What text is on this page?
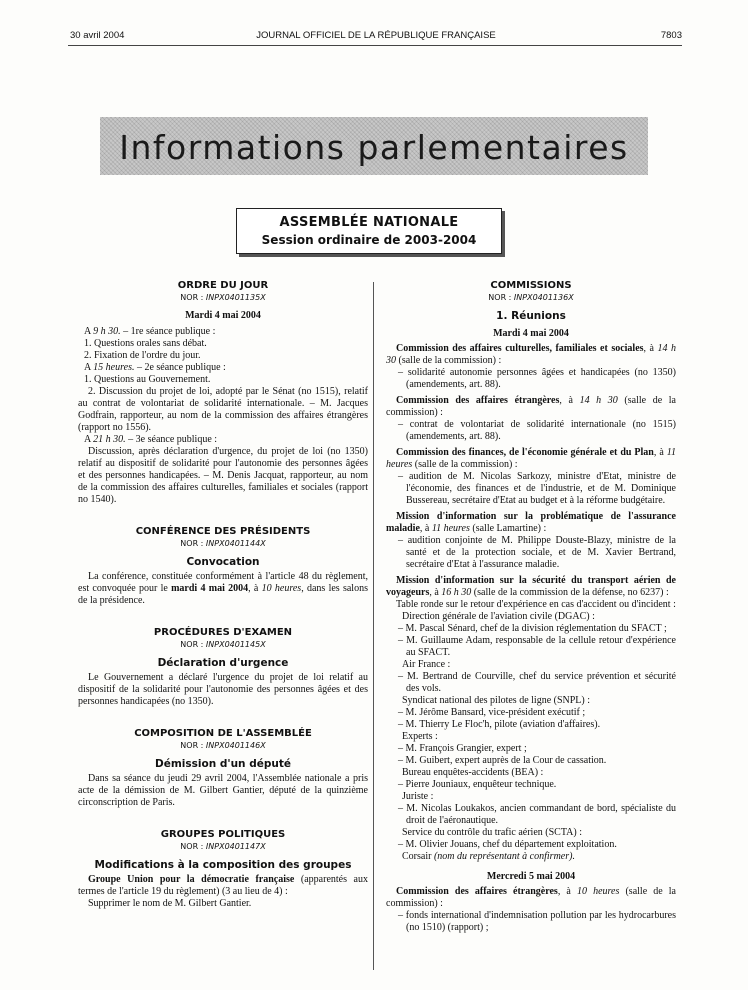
30 avril 2004	JOURNAL OFFICIEL DE LA RÉPUBLIQUE FRANÇAISE	7803
Informations parlementaires
ASSEMBLÉE NATIONALE
Session ordinaire de 2003-2004

ORDRE DU JOUR

NOR : INPX0401135X

Mardi 4 mai 2004

A 9 h 30. – 1re séance publique :

1. Questions orales sans débat.

2. Fixation de l'ordre du jour.

A 15 heures. – 2e séance publique :

1. Questions au Gouvernement.

2. Discussion du projet de loi, adopté par le Sénat (no 1515), relatif au contrat de volontariat de solidarité internationale. – M. Jacques Godfrain, rapporteur, au nom de la commission des affaires étrangères (rapport no 1556).

A 21 h 30. – 3e séance publique :

Discussion, après déclaration d'urgence, du projet de loi (no 1350) relatif au dispositif de solidarité pour l'autonomie des personnes âgées et des personnes handicapées. – M. Denis Jacquat, rapporteur, au nom de la commission des affaires culturelles, familiales et sociales (rapport no 1540).

CONFÉRENCE DES PRÉSIDENTS

NOR : INPX0401144X

Convocation

La conférence, constituée conformément à l'article 48 du règlement, est convoquée pour le mardi 4 mai 2004, à 10 heures, dans les salons de la présidence.

PROCÉDURES D'EXAMEN

NOR : INPX0401145X

Déclaration d'urgence

Le Gouvernement a déclaré l'urgence du projet de loi relatif au dispositif de la solidarité pour l'autonomie des personnes âgées et des personnes handicapées (no 1350).

COMPOSITION DE L'ASSEMBLÉE

NOR : INPX0401146X

Démission d'un député

Dans sa séance du jeudi 29 avril 2004, l'Assemblée nationale a pris acte de la démission de M. Gilbert Gantier, député de la quinzième circonscription de Paris.

GROUPES POLITIQUES

NOR : INPX0401147X

Modifications à la composition des groupes

Groupe Union pour la démocratie française (apparentés aux termes de l'article 19 du règlement) (3 au lieu de 4) :

Supprimer le nom de M. Gilbert Gantier.

COMMISSIONS

NOR : INPX0401136X

1. Réunions

Mardi 4 mai 2004

Commission des affaires culturelles, familiales et sociales, à 14 h 30 (salle de la commission) :

– solidarité autonomie personnes âgées et handicapées (no 1350) (amendements, art. 88).

Commission des affaires étrangères, à 14 h 30 (salle de la commission) :

– contrat de volontariat de solidarité internationale (no 1515) (amendements, art. 88).

Commission des finances, de l'économie générale et du Plan, à 11 heures (salle de la commission) :

– audition de M. Nicolas Sarkozy, ministre d'Etat, ministre de l'économie, des finances et de l'industrie, et de M. Dominique Bussereau, secrétaire d'Etat au budget et à la réforme budgétaire.

Mission d'information sur la problématique de l'assurance maladie, à 11 heures (salle Lamartine) :

– audition conjointe de M. Philippe Douste-Blazy, ministre de la santé et de la protection sociale, et de M. Xavier Bertrand, secrétaire d'Etat à l'assurance maladie.

Mission d'information sur la sécurité du transport aérien de voyageurs, à 16 h 30 (salle de la commission de la défense, no 6237) :

Table ronde sur le retour d'expérience en cas d'accident ou d'incident :

Direction générale de l'aviation civile (DGAC) :

– M. Pascal Sénard, chef de la division réglementation du SFACT ;

– M. Guillaume Adam, responsable de la cellule retour d'expérience au SFACT.

Air France :

– M. Bertrand de Courville, chef du service prévention et sécurité des vols.

Syndicat national des pilotes de ligne (SNPL) :

– M. Jérôme Bansard, vice-président exécutif ;

– M. Thierry Le Floc'h, pilote (aviation d'affaires).

Experts :

– M. François Grangier, expert ;

– M. Guibert, expert auprès de la Cour de cassation.

Bureau enquêtes-accidents (BEA) :

– Pierre Jouniaux, enquêteur technique.

Juriste :

– M. Nicolas Loukakos, ancien commandant de bord, spécialiste du droit de l'aéronautique.

Service du contrôle du trafic aérien (SCTA) :

– M. Olivier Jouans, chef du département exploitation.

Corsair (nom du représentant à confirmer).

Mercredi 5 mai 2004

Commission des affaires étrangères, à 10 heures (salle de la commission) :

– fonds international d'indemnisation pollution par les hydrocarbures (no 1510) (rapport) ;
